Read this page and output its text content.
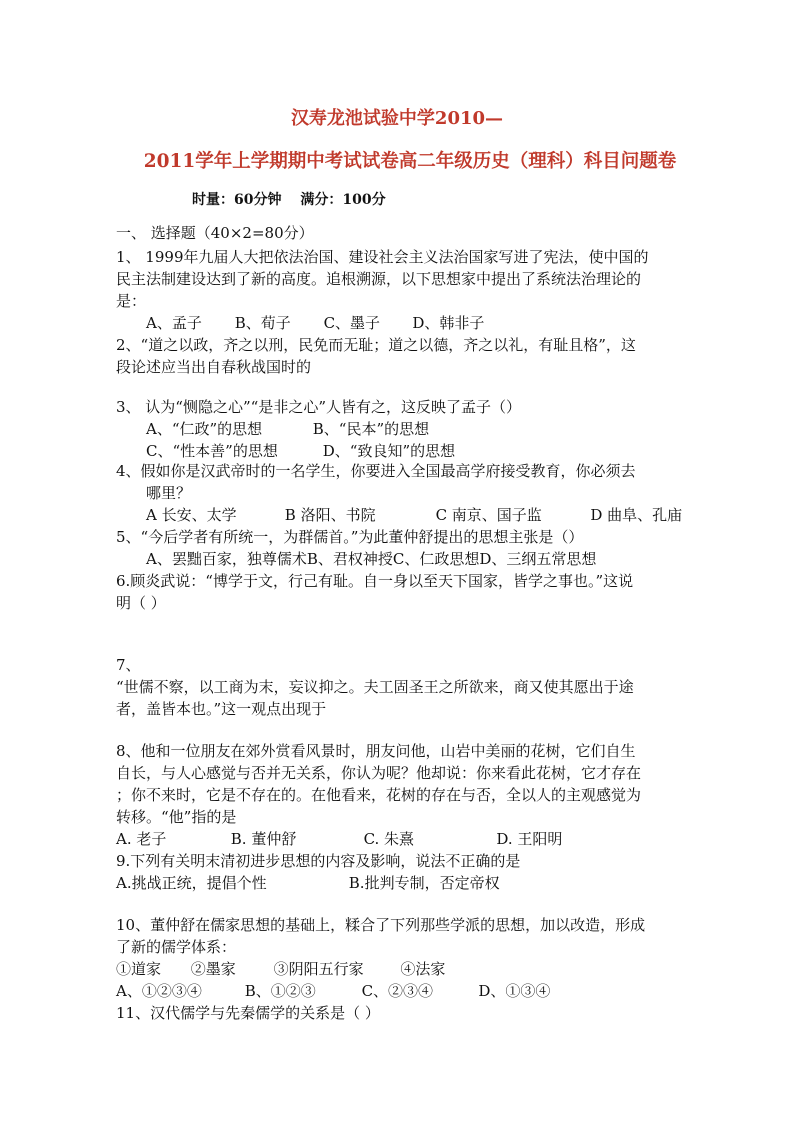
汉寿龙池试验中学2010—
2011学年上学期期中考试试卷高二年级历史（理科）科目问题卷
时量：60分钟 满分：100分
一、 选择题（40×2=80分）
1、 1999年九届人大把依法治国、建设社会主义法治国家写进了宪法，使中国的
民主法制建设达到了新的高度。追根溯源，以下思想家中提出了系统法治理论的
是：
A、孟子 B、荀子 C、墨子 D、韩非子
2、“道之以政，齐之以刑，民免而无耻；道之以德，齐之以礼，有耻且格”，这
段论述应当出自春秋战国时的
3、 认为“恻隐之心”“是非之心”人皆有之，这反映了孟子（）
A、“仁政”的思想	B、“民本”的思想
C、“性本善”的思想	D、“致良知”的思想
4、假如你是汉武帝时的一名学生，你要进入全国最高学府接受教育，你必须去
哪里？
A 长安、太学	B 洛阳、书院	C 南京、国子监	D 曲阜、孔庙
5、“今后学者有所统一，为群儒首。”为此董仲舒提出的思想主张是（）
A、罢黜百家，独尊儒术B、君权神授C、仁政思想D、三纲五常思想
6.顾炎武说：“博学于文，行己有耻。自一身以至天下国家，皆学之事也。”这说
明（ ）
7、
“世儒不察，以工商为末，妄议抑之。夫工固圣王之所欲来，商又使其愿出于途
者，盖皆本也。”这一观点出现于
8、他和一位朋友在郊外赏看风景时，朋友问他，山岩中美丽的花树，它们自生
自长，与人心感觉与否并无关系，你认为呢？他却说：你来看此花树，它才存在
；你不来时，它是不存在的。在他看来，花树的存在与否，全以人的主观感觉为
转移。“他”指的是
A. 老子	B. 董仲舒	C. 朱熹	D. 王阳明
9.下列有关明末清初进步思想的内容及影响，说法不正确的是
A.挑战正统，提倡个性	B.批判专制，否定帝权
10、董仲舒在儒家思想的基础上，糅合了下列那些学派的思想，加以改造，形成
了新的儒学体系：
①道家 ②墨家	③阴阳五行家 ④法家
A、①②③④	B、①②③	C、②③④	D、①③④
11、汉代儒学与先秦儒学的关系是（ ）
